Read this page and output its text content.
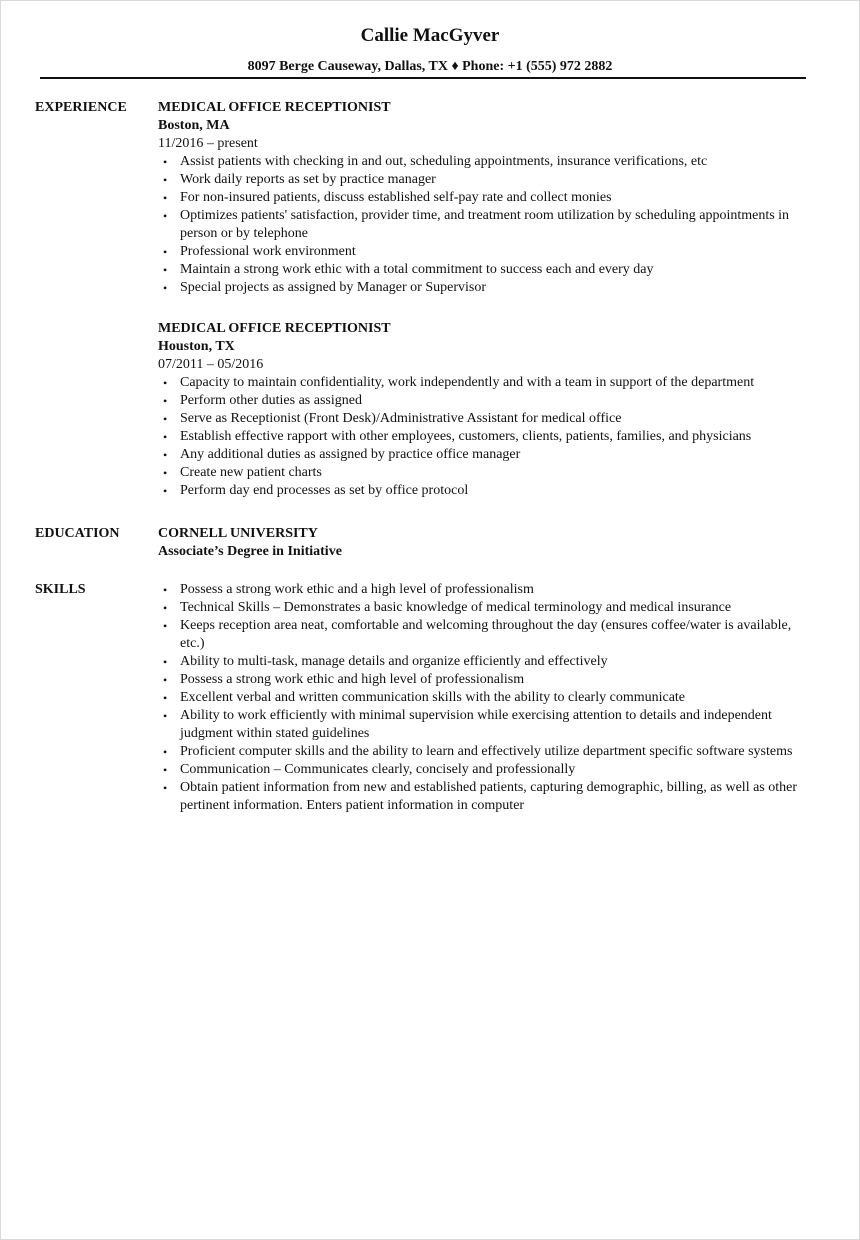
Callie MacGyver
8097 Berge Causeway, Dallas, TX ♦ Phone: +1 (555) 972 2882
EXPERIENCE	MEDICAL OFFICE RECEPTIONIST
Boston, MA
11/2016 – present
• Assist patients with checking in and out, scheduling appointments, insurance verifications, etc
• Work daily reports as set by practice manager
• For non-insured patients, discuss established self-pay rate and collect monies
• Optimizes patients' satisfaction, provider time, and treatment room utilization by scheduling appointments in person or by telephone
• Professional work environment
• Maintain a strong work ethic with a total commitment to success each and every day
• Special projects as assigned by Manager or Supervisor
MEDICAL OFFICE RECEPTIONIST
Houston, TX
07/2011 – 05/2016
• Capacity to maintain confidentiality, work independently and with a team in support of the department
• Perform other duties as assigned
• Serve as Receptionist (Front Desk)/Administrative Assistant for medical office
• Establish effective rapport with other employees, customers, clients, patients, families, and physicians
• Any additional duties as assigned by practice office manager
• Create new patient charts
• Perform day end processes as set by office protocol
EDUCATION	CORNELL UNIVERSITY
Associate’s Degree in Initiative
SKILLS
•	Possess a strong work ethic and a high level of professionalism
• Technical Skills – Demonstrates a basic knowledge of medical terminology and medical insurance
• Keeps reception area neat, comfortable and welcoming throughout the day (ensures coffee/water is available, etc.)
• Ability to multi-task, manage details and organize efficiently and effectively
• Possess a strong work ethic and high level of professionalism
• Excellent verbal and written communication skills with the ability to clearly communicate
• Ability to work efficiently with minimal supervision while exercising attention to details and independent judgment within stated guidelines
• Proficient computer skills and the ability to learn and effectively utilize department specific software systems
• Communication – Communicates clearly, concisely and professionally
• Obtain patient information from new and established patients, capturing demographic, billing, as well as other pertinent information. Enters patient information in computer
